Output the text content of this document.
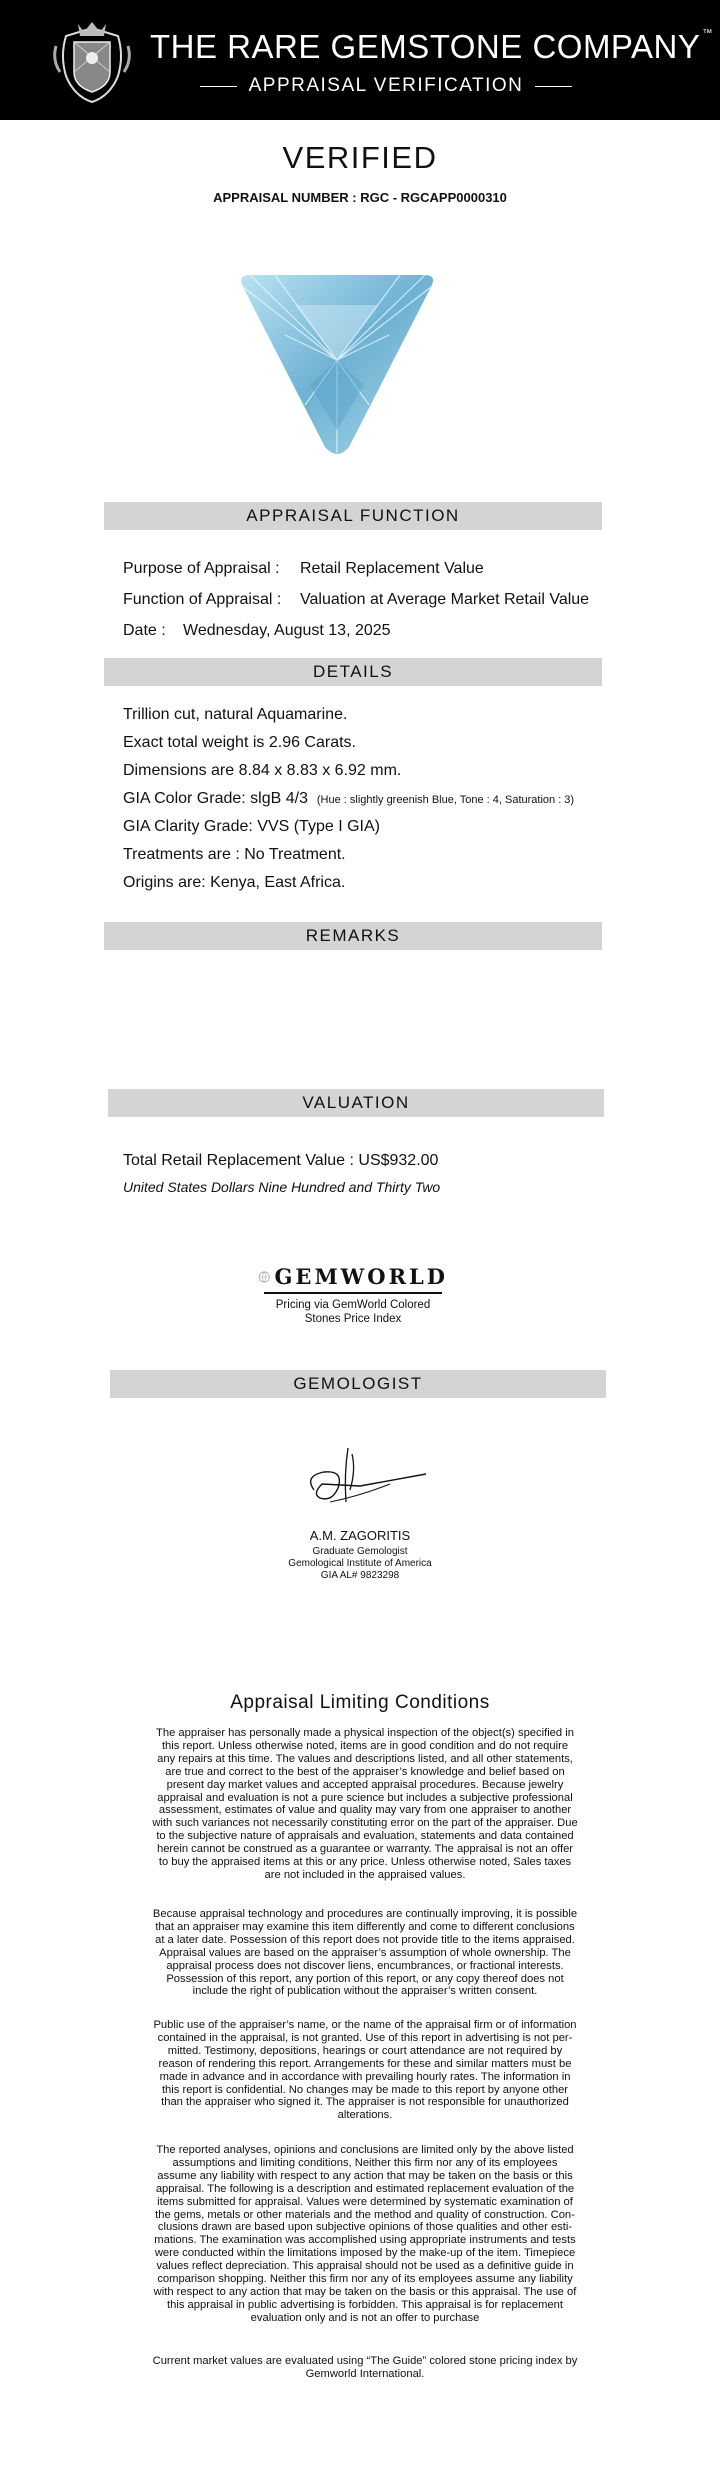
THE RARE GEMSTONE COMPANY ™
APPRAISAL VERIFICATION
VERIFIED
APPRAISAL NUMBER : RGC - RGCAPP0000310
APPRAISAL FUNCTION
Purpose of Appraisal : Retail Replacement Value
Function of Appraisal : Valuation at Average Market Retail Value
Date : Wednesday, August 13, 2025
DETAILS
Trillion cut, natural Aquamarine.
Exact total weight is 2.96 Carats.
Dimensions are 8.84 x 8.83 x 6.92 mm.
GIA Color Grade: slgB 4/3 (Hue : slightly greenish Blue, Tone : 4, Saturation : 3)
GIA Clarity Grade: VVS (Type I GIA)
Treatments are : No Treatment.
Origins are: Kenya, East Africa.
REMARKS
VALUATION
Total Retail Replacement Value : US$932.00
United States Dollars Nine Hundred and Thirty Two
GEMWORLD
Pricing via GemWorld Colored
Stones Price Index
GEMOLOGIST
A.M. ZAGORITIS
Graduate Gemologist
Gemological Institute of America
GIA AL# 9823298
Appraisal Limiting Conditions
The appraiser has personally made a physical inspection of the object(s) specified in
this report. Unless otherwise noted, items are in good condition and do not require
any repairs at this time. The values and descriptions listed, and all other statements,
are true and correct to the best of the appraiser’s knowledge and belief based on
present day market values and accepted appraisal procedures. Because jewelry
appraisal and evaluation is not a pure science but includes a subjective professional
assessment, estimates of value and quality may vary from one appraiser to another
with such variances not necessarily constituting error on the part of the appraiser. Due
to the subjective nature of appraisals and evaluation, statements and data contained
herein cannot be construed as a guarantee or warranty. The appraisal is not an offer
to buy the appraised items at this or any price. Unless otherwise noted, Sales taxes
are not included in the appraised values.
Because appraisal technology and procedures are continually improving, it is possible
that an appraiser may examine this item differently and come to different conclusions
at a later date. Possession of this report does not provide title to the items appraised.
Appraisal values are based on the appraiser’s assumption of whole ownership. The
appraisal process does not discover liens, encumbrances, or fractional interests.
Possession of this report, any portion of this report, or any copy thereof does not
include the right of publication without the appraiser’s written consent.
Public use of the appraiser’s name, or the name of the appraisal firm or of information
contained in the appraisal, is not granted. Use of this report in advertising is not per-
mitted. Testimony, depositions, hearings or court attendance are not required by
reason of rendering this report. Arrangements for these and similar matters must be
made in advance and in accordance with prevailing hourly rates. The information in
this report is confidential. No changes may be made to this report by anyone other
than the appraiser who signed it. The appraiser is not responsible for unauthorized
alterations.
The reported analyses, opinions and conclusions are limited only by the above listed
assumptions and limiting conditions, Neither this firm nor any of its employees
assume any liability with respect to any action that may be taken on the basis or this
appraisal. The following is a description and estimated replacement evaluation of the
items submitted for appraisal. Values were determined by systematic examination of
the gems, metals or other materials and the method and quality of construction. Con-
clusions drawn are based upon subjective opinions of those qualities and other esti-
mations. The examination was accomplished using appropriate instruments and tests
were conducted within the limitations imposed by the make-up of the item. Timepiece
values reflect depreciation. This appraisal should not be used as a definitive guide in
comparison shopping. Neither this firm nor any of its employees assume any liability
with respect to any action that may be taken on the basis or this appraisal. The use of
this appraisal in public advertising is forbidden. This appraisal is for replacement
evaluation only and is not an offer to purchase
Current market values are evaluated using “The Guide” colored stone pricing index by
Gemworld International.
